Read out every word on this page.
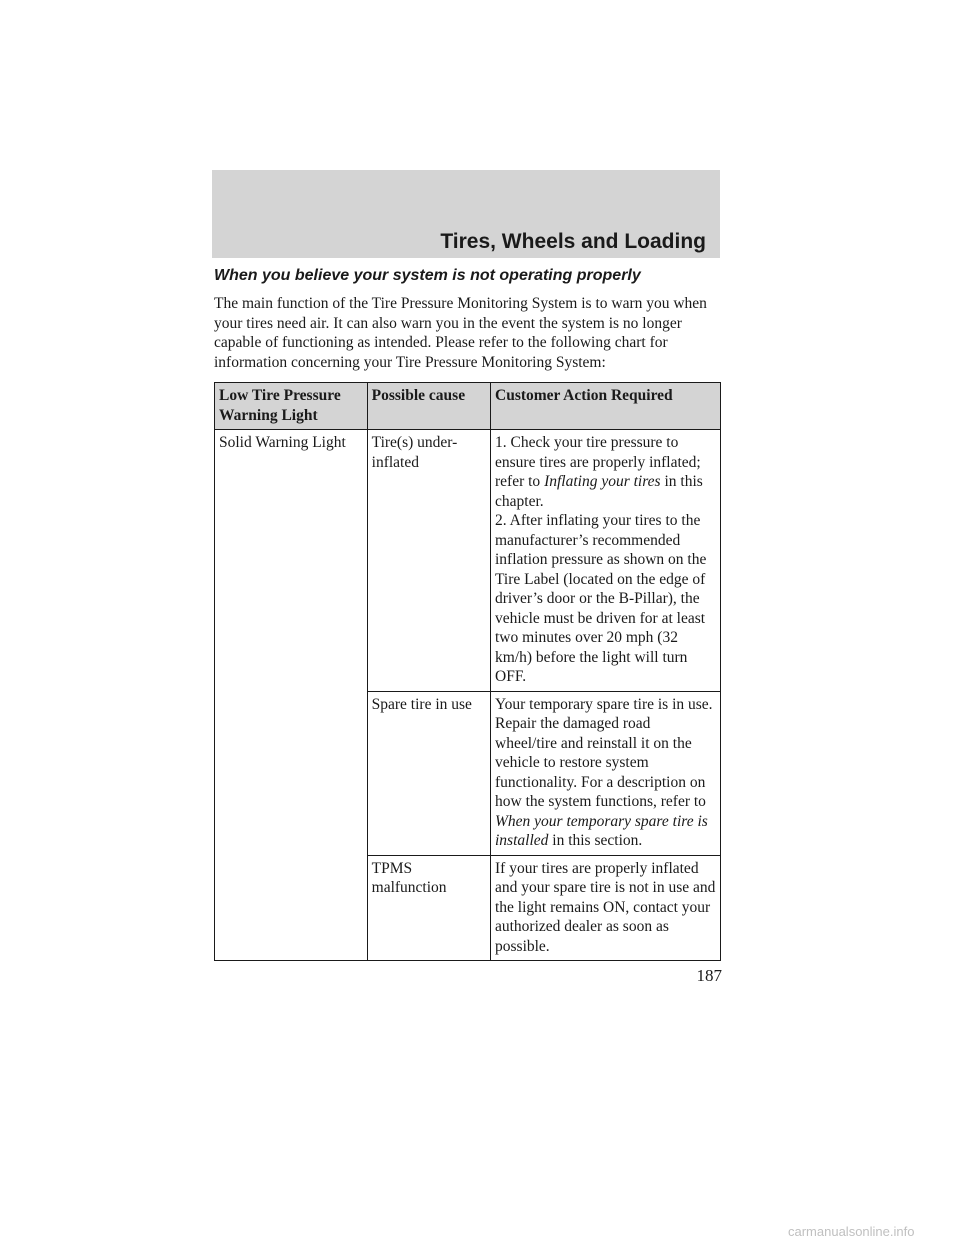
Tires, Wheels and Loading
When you believe your system is not operating properly

The main function of the Tire Pressure Monitoring System is to warn you when your tires need air. It can also warn you in the event the system is no longer capable of functioning as intended. Please refer to the following chart for information concerning your Tire Pressure Monitoring System:

Low Tire Pressure Warning Light	Possible cause	Customer Action Required
Solid Warning Light	Tire(s) under-inflated	1. Check your tire pressure to ensure tires are properly inflated; refer to Inflating your tires in this chapter.
2. After inflating your tires to the manufacturer’s recommended inflation pressure as shown on the Tire Label (located on the edge of driver’s door or the B-Pillar), the vehicle must be driven for at least two minutes over 20 mph (32 km/h) before the light will turn OFF.
	Spare tire in use	Your temporary spare tire is in use. Repair the damaged road wheel/tire and reinstall it on the vehicle to restore system functionality. For a description on how the system functions, refer to When your temporary spare tire is installed in this section.
	TPMS malfunction	If your tires are properly inflated and your spare tire is not in use and the light remains ON, contact your authorized dealer as soon as possible.
187
carmanualsonline.info
